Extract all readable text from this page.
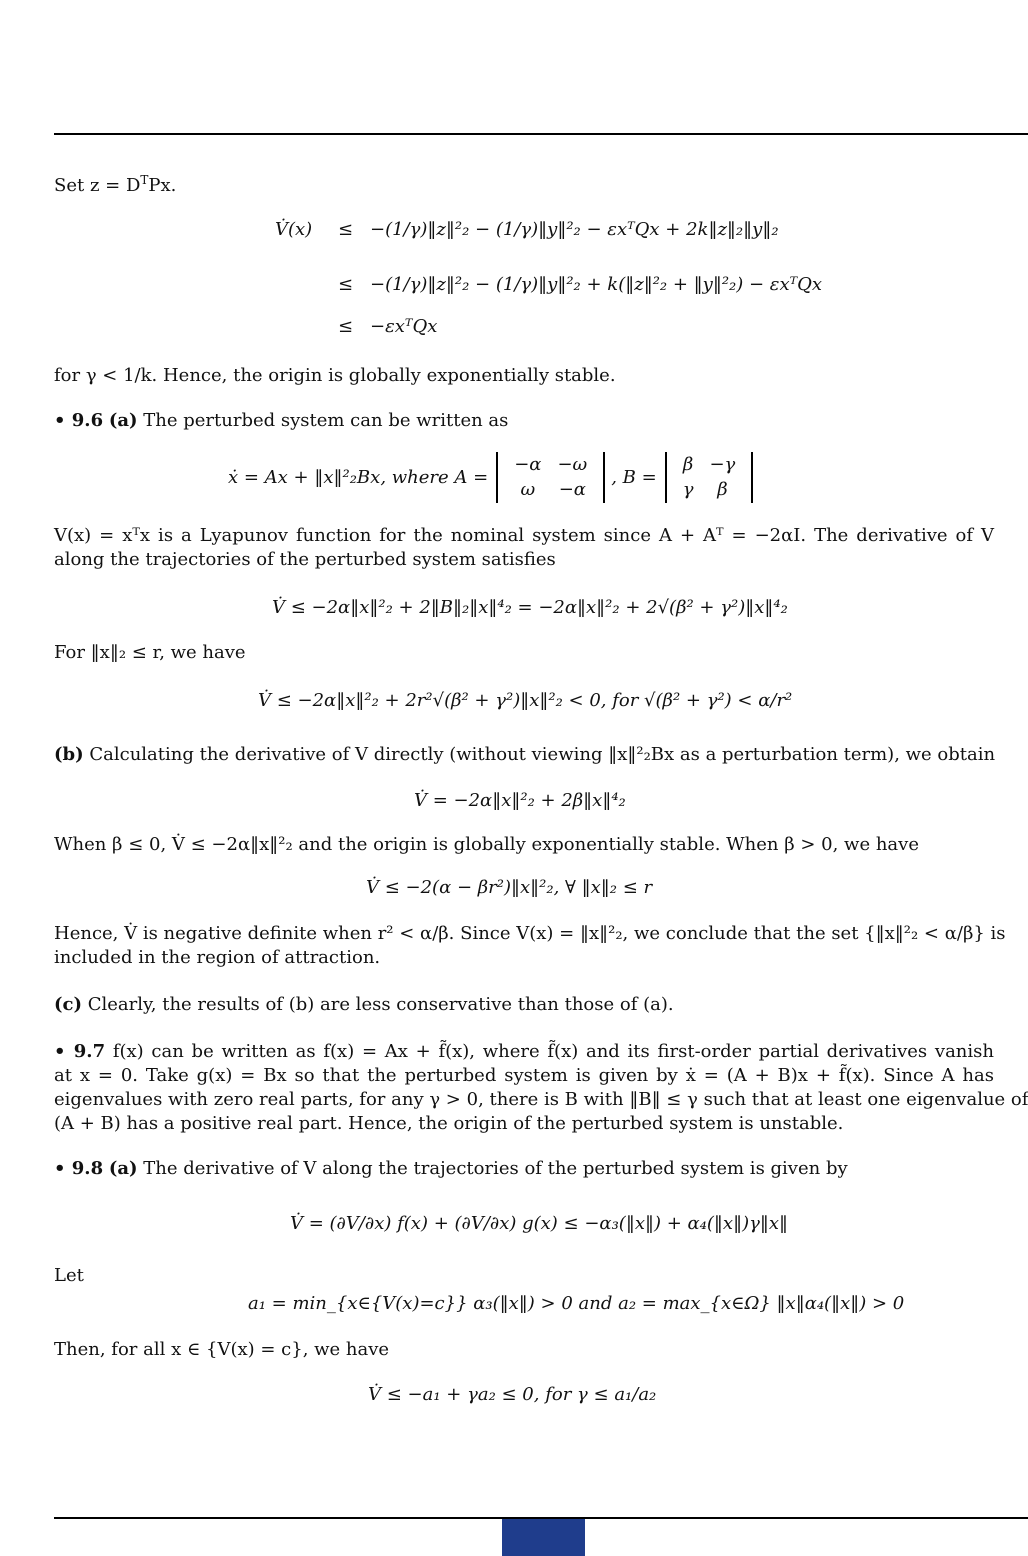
Set $z = D^TPx$.
V̇(x) ≤ −(1/γ)‖z‖²₂ − (1/γ)‖y‖²₂ − εxᵀQx + 2k‖z‖₂‖y‖₂
≤ −(1/γ)‖z‖²₂ − (1/γ)‖y‖²₂ + k(‖z‖²₂ + ‖y‖²₂) − εxᵀQx
≤ −εxᵀQx
for γ < 1/k. Hence, the origin is globally exponentially stable.
• 9.6 (a) The perturbed system can be written as
ẋ = Ax + ‖x‖²₂Bx, where A =
−α	−ω
ω	−α
, B =
β	−γ
γ	β
V(x) = xᵀx is a Lyapunov function for the nominal system since A + Aᵀ = −2αI. The derivative of V
along the trajectories of the perturbed system satisfies
V̇ ≤ −2α‖x‖²₂ + 2‖B‖₂‖x‖⁴₂ = −2α‖x‖²₂ + 2√(β² + γ²)‖x‖⁴₂
For ‖x‖₂ ≤ r, we have
V̇ ≤ −2α‖x‖²₂ + 2r²√(β² + γ²)‖x‖²₂ < 0, for √(β² + γ²) < α/r²
(b) Calculating the derivative of V directly (without viewing ‖x‖²₂Bx as a perturbation term), we obtain
V̇ = −2α‖x‖²₂ + 2β‖x‖⁴₂
When β ≤ 0, V̇ ≤ −2α‖x‖²₂ and the origin is globally exponentially stable. When β > 0, we have
V̇ ≤ −2(α − βr²)‖x‖²₂, ∀ ‖x‖₂ ≤ r
Hence, V̇ is negative definite when r² < α/β. Since V(x) = ‖x‖²₂, we conclude that the set {‖x‖²₂ < α/β} is
included in the region of attraction.
(c) Clearly, the results of (b) are less conservative than those of (a).
• 9.7 f(x) can be written as f(x) = Ax + f̃(x), where f̃(x) and its first-order partial derivatives vanish
at x = 0. Take g(x) = Bx so that the perturbed system is given by ẋ = (A + B)x + f̃(x). Since A has
eigenvalues with zero real parts, for any γ > 0, there is B with ‖B‖ ≤ γ such that at least one eigenvalue of
(A + B) has a positive real part. Hence, the origin of the perturbed system is unstable.
• 9.8 (a) The derivative of V along the trajectories of the perturbed system is given by
V̇ = (∂V/∂x) f(x) + (∂V/∂x) g(x) ≤ −α₃(‖x‖) + α₄(‖x‖)γ‖x‖
Let
a₁ = min_{x∈{V(x)=c}} α₃(‖x‖) > 0 and a₂ = max_{x∈Ω} ‖x‖α₄(‖x‖) > 0
Then, for all x ∈ {V(x) = c}, we have
V̇ ≤ −a₁ + γa₂ ≤ 0, for γ ≤ a₁/a₂
